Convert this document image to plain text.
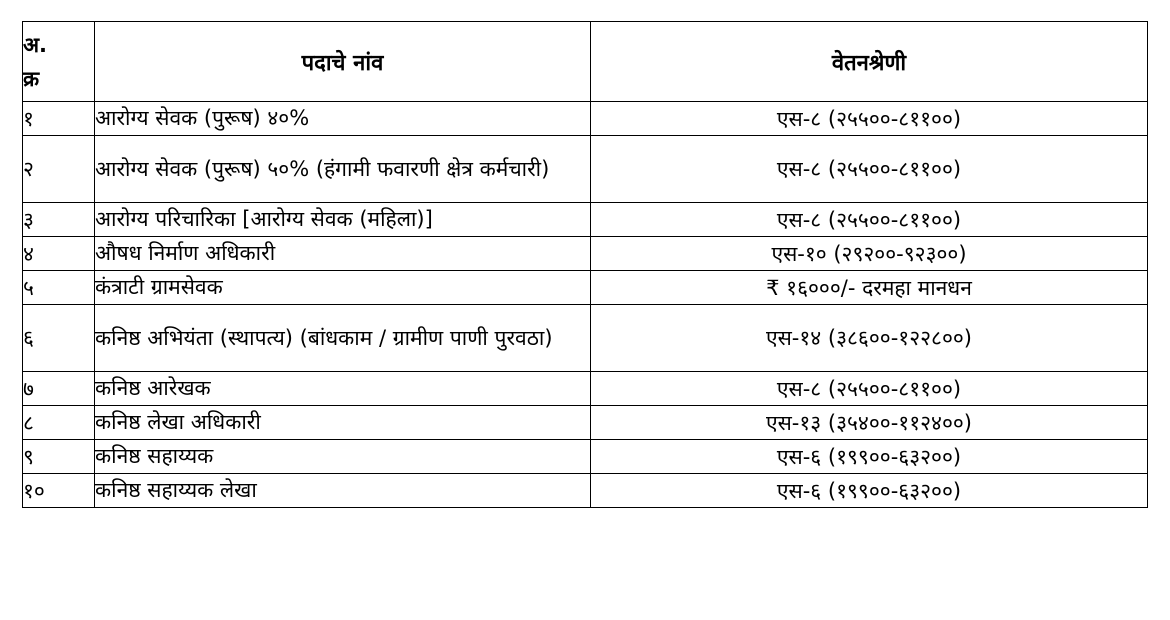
अ.
क्र	पदाचे नांव	वेतनश्रेणी
१	आरोग्य सेवक (पुरूष) ४०%	एस-८ (२५५००-८११००)
२	आरोग्य सेवक (पुरूष) ५०% (हंगामी फवारणी क्षेत्र कर्मचारी)	एस-८ (२५५००-८११००)
३	आरोग्य परिचारिका [आरोग्य सेवक (महिला)]	एस-८ (२५५००-८११००)
४	औषध निर्माण अधिकारी	एस-१० (२९२००-९२३००)
५	कंत्राटी ग्रामसेवक	₹ १६०००/- दरमहा मानधन
६	कनिष्ठ अभियंता (स्थापत्य) (बांधकाम / ग्रामीण पाणी पुरवठा)	एस-१४ (३८६००-१२२८००)
७	कनिष्ठ आरेखक	एस-८ (२५५००-८११००)
८	कनिष्ठ लेखा अधिकारी	एस-१३ (३५४००-११२४००)
९	कनिष्ठ सहाय्यक	एस-६ (१९९००-६३२००)
१०	कनिष्ठ सहाय्यक लेखा	एस-६ (१९९००-६३२००)
